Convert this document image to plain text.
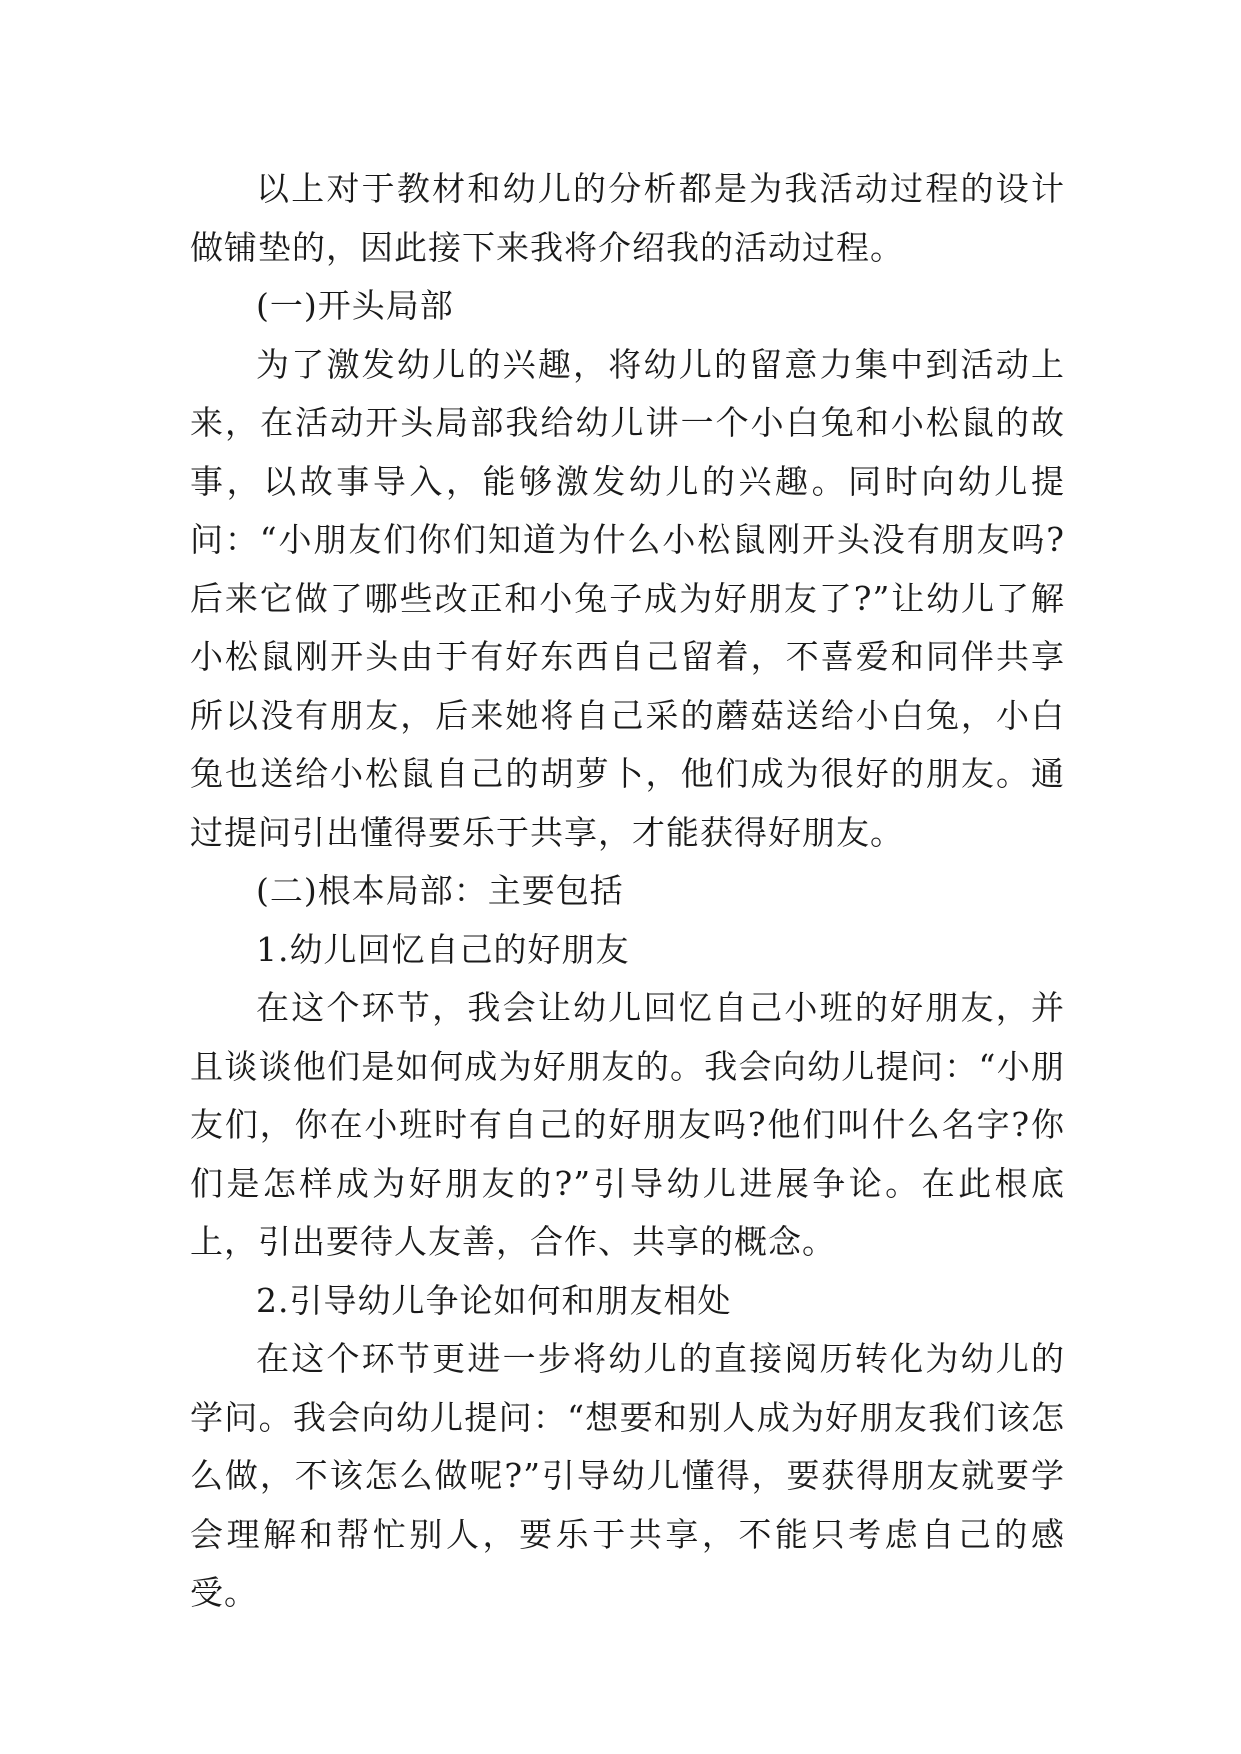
以上对于教材和幼儿的分析都是为我活动过程的设计做铺垫的，因此接下来我将介绍我的活动过程。

(一)开头局部

为了激发幼儿的兴趣，将幼儿的留意力集中到活动上来，在活动开头局部我给幼儿讲一个小白兔和小松鼠的故事，以故事导入，能够激发幼儿的兴趣。同时向幼儿提问：“小朋友们你们知道为什么小松鼠刚开头没有朋友吗?后来它做了哪些改正和小兔子成为好朋友了?”让幼儿了解小松鼠刚开头由于有好东西自己留着，不喜爱和同伴共享所以没有朋友，后来她将自己采的蘑菇送给小白兔，小白兔也送给小松鼠自己的胡萝卜，他们成为很好的朋友。通过提问引出懂得要乐于共享，才能获得好朋友。

(二)根本局部：主要包括

1.幼儿回忆自己的好朋友

在这个环节，我会让幼儿回忆自己小班的好朋友，并且谈谈他们是如何成为好朋友的。我会向幼儿提问：“小朋友们，你在小班时有自己的好朋友吗?他们叫什么名字?你们是怎样成为好朋友的?”引导幼儿进展争论。在此根底上，引出要待人友善，合作、共享的概念。

2.引导幼儿争论如何和朋友相处

在这个环节更进一步将幼儿的直接阅历转化为幼儿的学问。我会向幼儿提问：“想要和别人成为好朋友我们该怎么做，不该怎么做呢?”引导幼儿懂得，要获得朋友就要学会理解和帮忙别人，要乐于共享，不能只考虑自己的感受。
